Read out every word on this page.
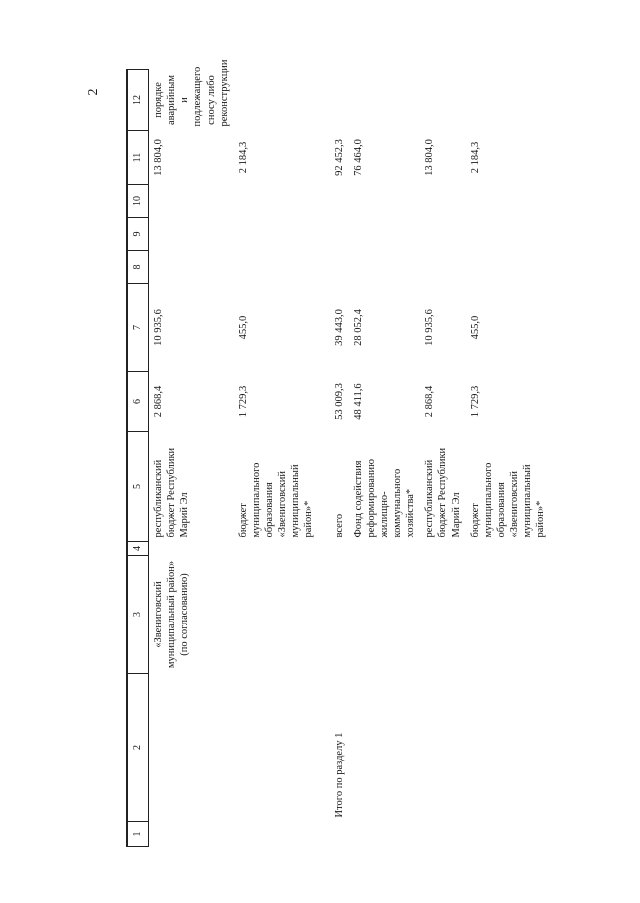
2
1	2	3	4	5	6	7	8	9	10	11	12
		«Звениговский муниципальный район» (по согласованию)		республиканский бюджет Республики Марий Эл	2 868,4	10 935,6				13 804,0	порядке аварийным и подлежащего сносу либо реконструкции
				бюджет муниципального образования «Звениговский муниципальный район»*	1 729,3	455,0				2 184,3	
	Итого по разделу 1			всего	53 009,3	39 443,0				92 452,3	
				Фонд содействия реформированию жилищно-коммунального хозяйства*	48 411,6	28 052,4				76 464,0	
				республиканский бюджет Республики Марий Эл	2 868,4	10 935,6				13 804,0	
				бюджет муниципального образования «Звениговский муниципальный район»*	1 729,3	455,0				2 184,3	
